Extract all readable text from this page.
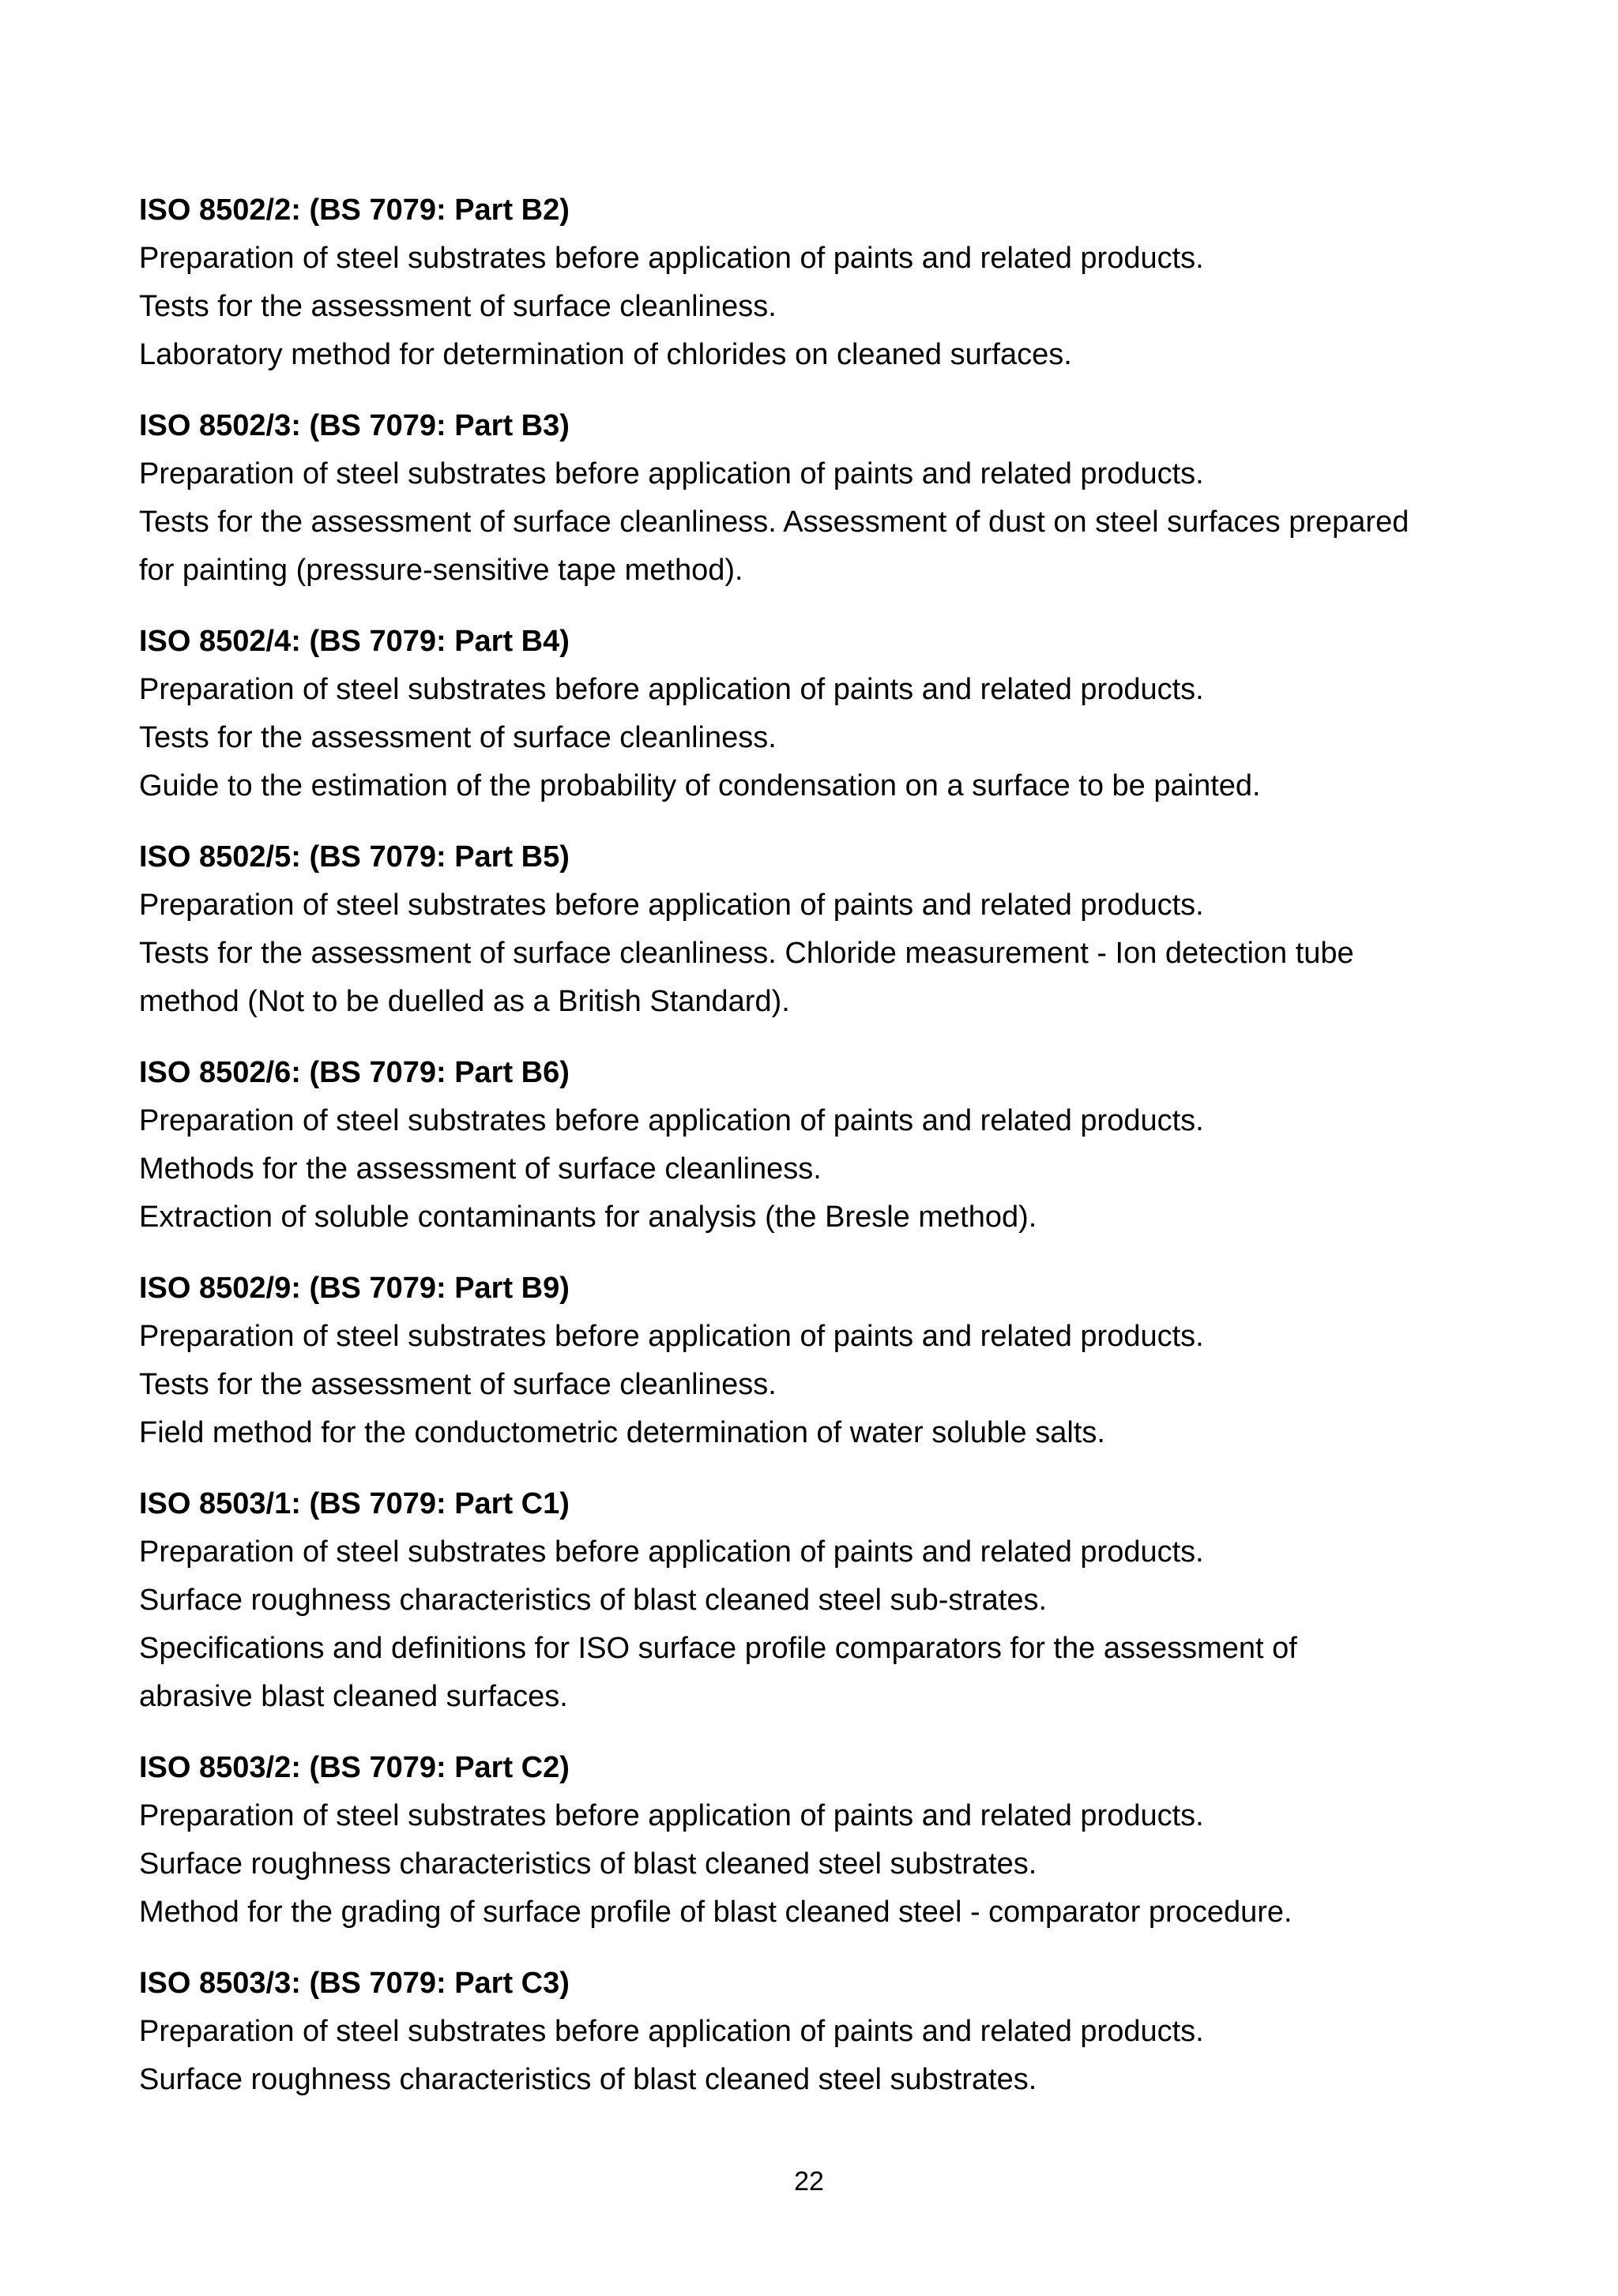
ISO 8502/2: (BS 7079: Part B2)

Preparation of steel substrates before application of paints and related products.

Tests for the assessment of surface cleanliness.

Laboratory method for determination of chlorides on cleaned surfaces.

ISO 8502/3: (BS 7079: Part B3)

Preparation of steel substrates before application of paints and related products.

Tests for the assessment of surface cleanliness. Assessment of dust on steel surfaces prepared

for painting (pressure-sensitive tape method).

ISO 8502/4: (BS 7079: Part B4)

Preparation of steel substrates before application of paints and related products.

Tests for the assessment of surface cleanliness.

Guide to the estimation of the probability of condensation on a surface to be painted.

ISO 8502/5: (BS 7079: Part B5)

Preparation of steel substrates before application of paints and related products.

Tests for the assessment of surface cleanliness. Chloride measurement - Ion detection tube

method (Not to be duelled as a British Standard).

ISO 8502/6: (BS 7079: Part B6)

Preparation of steel substrates before application of paints and related products.

Methods for the assessment of surface cleanliness.

Extraction of soluble contaminants for analysis (the Bresle method).

ISO 8502/9: (BS 7079: Part B9)

Preparation of steel substrates before application of paints and related products.

Tests for the assessment of surface cleanliness.

Field method for the conductometric determination of water soluble salts.

ISO 8503/1: (BS 7079: Part C1)

Preparation of steel substrates before application of paints and related products.

Surface roughness characteristics of blast cleaned steel sub-strates.

Specifications and definitions for ISO surface profile comparators for the assessment of

abrasive blast cleaned surfaces.

ISO 8503/2: (BS 7079: Part C2)

Preparation of steel substrates before application of paints and related products.

Surface roughness characteristics of blast cleaned steel substrates.

Method for the grading of surface profile of blast cleaned steel - comparator procedure.

ISO 8503/3: (BS 7079: Part C3)

Preparation of steel substrates before application of paints and related products.

Surface roughness characteristics of blast cleaned steel substrates.

22
